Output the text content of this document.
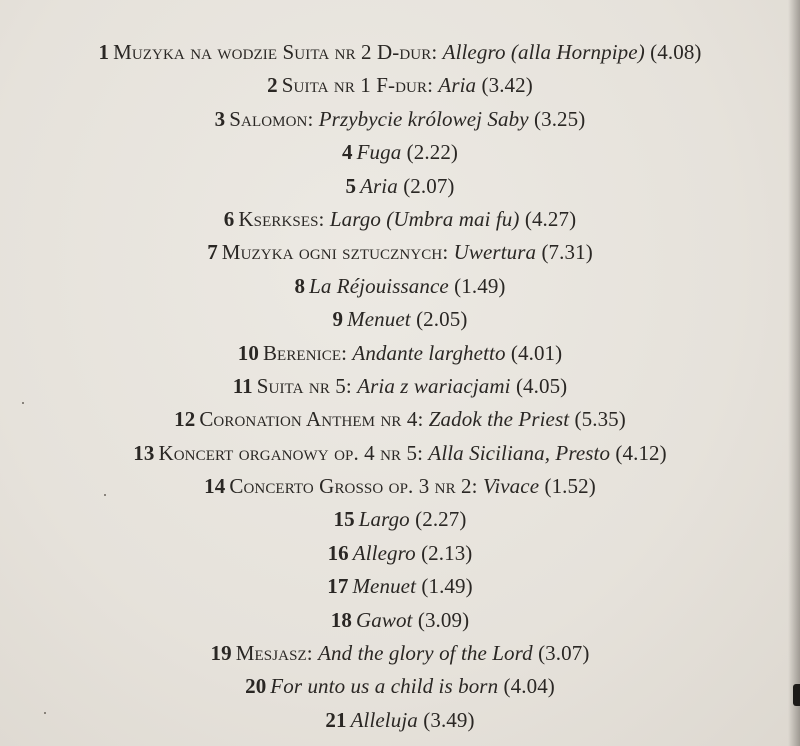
1 Muzyka na wodzie Suita nr 2 D-dur: Allegro (alla Hornpipe) (4.08)
2 Suita nr 1 F-dur: Aria (3.42)
3 Salomon: Przybycie królowej Saby (3.25)
4 Fuga (2.22)
5 Aria (2.07)
6 Kserkses: Largo (Umbra mai fu) (4.27)
7 Muzyka ogni sztucznych: Uwertura (7.31)
8 La Réjouissance (1.49)
9 Menuet (2.05)
10 Berenice: Andante larghetto (4.01)
11 Suita nr 5: Aria z wariacjami (4.05)
12 Coronation Anthem nr 4: Zadok the Priest (5.35)
13 Koncert organowy op. 4 nr 5: Alla Siciliana, Presto (4.12)
14 Concerto Grosso op. 3 nr 2: Vivace (1.52)
15 Largo (2.27)
16 Allegro (2.13)
17 Menuet (1.49)
18 Gawot (3.09)
19 Mesjasz: And the glory of the Lord (3.07)
20 For unto us a child is born (4.04)
21 Alleluja (3.49)
